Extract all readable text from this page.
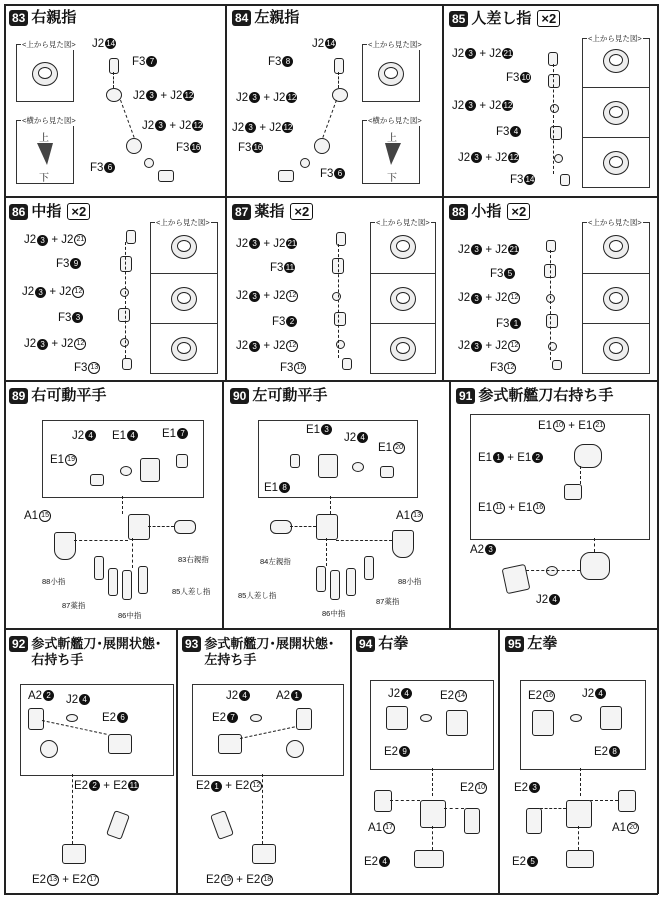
83 右親指
<上から見た図>
<横から見た図>
上
下
J2 14
F3 7
J2 3 + J2 12
J2 3 + J2 12
F3 16
F3 6
84 左親指
<上から見た図>
<横から見た図>
上
下
J2 14
F3 8
J2 3 + J2 12
J2 3 + J2 12
F3 16
F3 6
85 人差し指 ×2
<上から見た図>
J2 3 + J2 21
F3 10
J2 3 + J2 12
F3 4
J2 3 + J2 12
F3 14
86 中指 ×2
<上から見た図>
J2 3 + J2 21
F3 9
J2 3 + J2 12
F3 3
J2 3 + J2 12
F3 13
87 薬指 ×2
<上から見た図>
J2 3 + J2 21
F3 11
J2 3 + J2 12
F3 2
J2 3 + J2 12
F3 15
88 小指 ×2
<上から見た図>
J2 3 + J2 21
F3 5
J2 3 + J2 12
F3 1
J2 3 + J2 12
F3 12
89 右可動平手
J2 4 E1 4 E1 7
E1 19
A1 15
83右親指
88小指
87薬指
86中指
85人差し指
90 左可動平手
E1 3
J2 4
E1 20
E1 8
A1 13
84左親指
88小指
87薬指
85人差し指
86中指
91 参式斬艦刀右持ち手
E1 10 + E1 21
E1 1 + E1 2
E1 11 + E1 16
A2 3
J2 4
92 参式斬艦刀･展開状態･
右持ち手
A2 2 J2 4
E2 6
E2 2 + E2 11
E2 13 + E2 17
93 参式斬艦刀･展開状態･
左持ち手
J2 4	A2 1
E2 7
E2 1 + E2 12
E2 15 + E2 18
94 右拳
J2 4	E2 14
E2 9
E2 10
A1 17
E2 4
95 左拳
E2 16	J2 4
E2 8
E2 3
A1 20
E2 5
